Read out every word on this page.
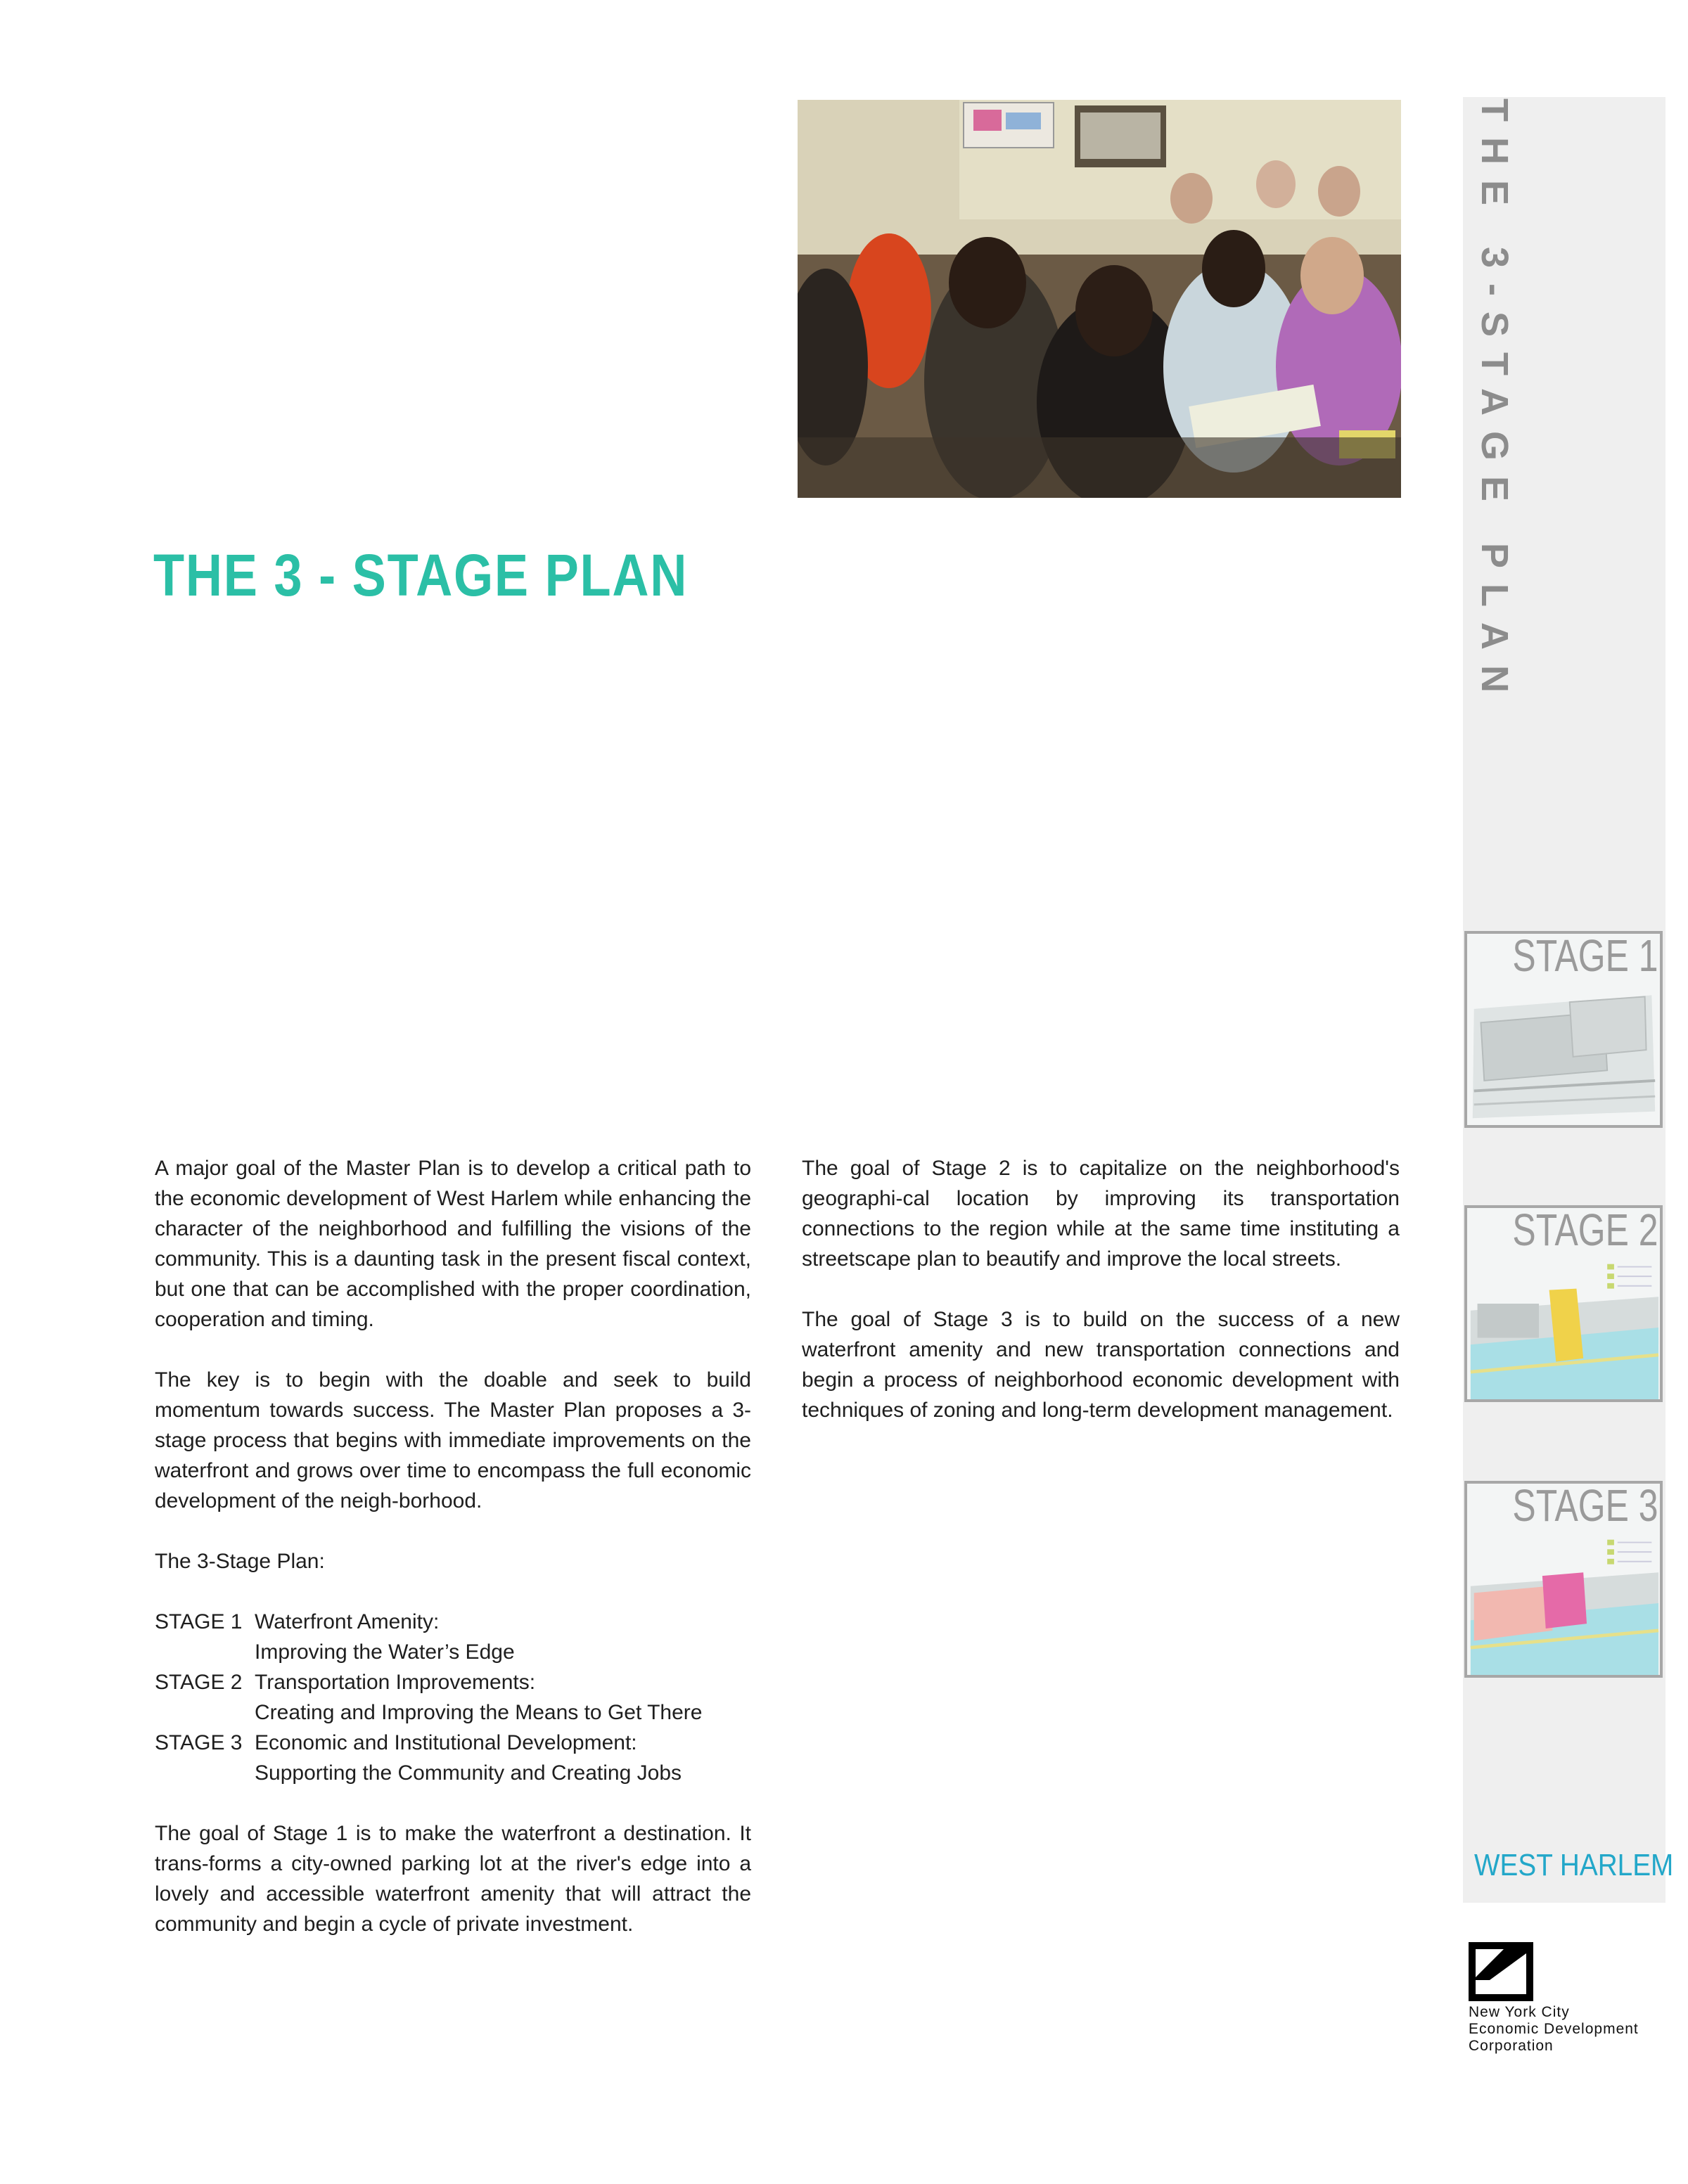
THE 3 - STAGE PLAN	THE 3-STAGE PLAN
STAGE 1
STAGE 2
STAGE 3
WEST HARLEM
New York City
Economic Development
Corporation

A major goal of the Master Plan is to develop a critical path to the economic development of West Harlem while enhancing the character of the neighborhood and fulfilling the visions of the community. This is a daunting task in the present fiscal context, but one that can be accomplished with the proper coordination, cooperation and timing.

The key is to begin with the doable and seek to build momentum towards success. The Master Plan proposes a 3-stage process that begins with immediate improvements on the waterfront and grows over time to encompass the full economic development of the neigh-borhood.

The 3-Stage Plan:

STAGE 1 Waterfront Amenity:
Improving the Water’s Edge
STAGE 2 Transportation Improvements:
Creating and Improving the Means to Get There
STAGE 3 Economic and Institutional Development:
Supporting the Community and Creating Jobs

The goal of Stage 1 is to make the waterfront a destination. It trans-forms a city-owned parking lot at the river's edge into a lovely and accessible waterfront amenity that will attract the community and begin a cycle of private investment.

The goal of Stage 2 is to capitalize on the neighborhood's geographi-cal location by improving its transportation connections to the region while at the same time instituting a streetscape plan to beautify and improve the local streets.

The goal of Stage 3 is to build on the success of a new waterfront amenity and new transportation connections and begin a process of neighborhood economic development with techniques of zoning and long-term development management.
